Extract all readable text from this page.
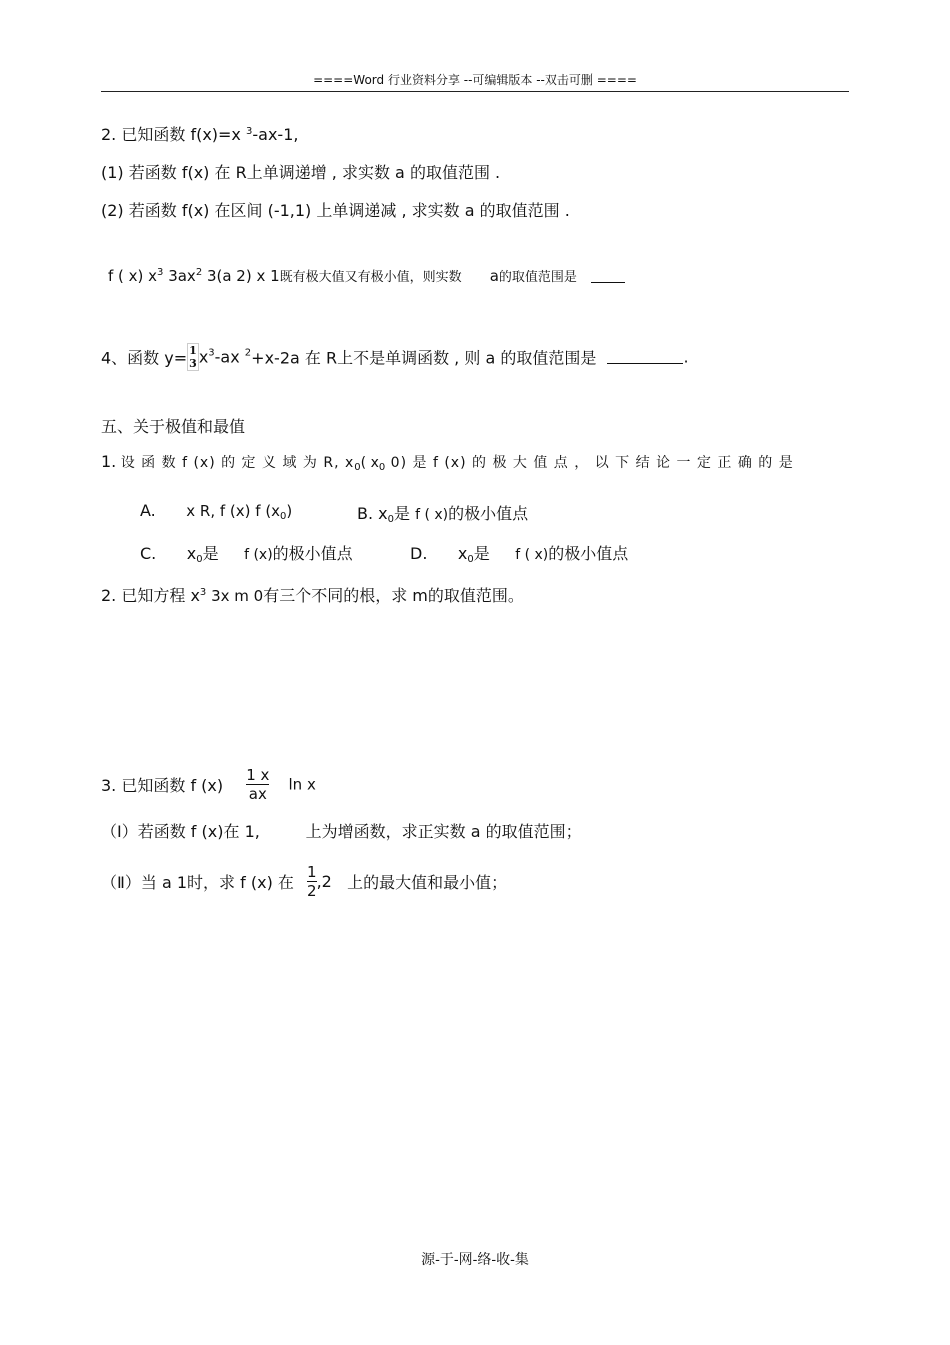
====Word 行业资料分享 --可编辑版本 --双击可删 ====
2. 已知函数 f(x)=x $^3$-ax-1,
(1) 若函数 f(x) 在 R上单调递增 , 求实数 a 的取值范围 .
(2) 若函数 f(x) 在区间 (-1,1) 上单调递减 , 求实数 a 的取值范围 .
f ( x) $x^3$ $3ax^2$ 3(a 2) x 1既有极大值又有极小值，则实数 a的取值范围是
4、函数 y= 1
3 $x^3-ax$ $^2$+x-2a 在 R上不是单调函数 , 则 a 的取值范围是	.
五、关于极值和最值
1. 设 函 数 f (x) 的 定 义 域 为 R, $x_0$( $x_0$ 0) 是 f (x) 的 极 大 值 点 ， 以 下 结 论 一 定 正 确 的 是
A. x R, f (x) f $(x_0)$	B. $x_0$是 f ( x)的极小值点
C. $x_0$是 f (x)的极小值点	D. $x_0$是 f ( x)的极小值点
2. 已知方程 $x^3$ 3x m 0有三个不同的根，求 m的取值范围。
3. 已知函数 f $(x) \frac{1 x}{ax}$ ln x
（Ⅰ）若函数 f (x)在 1,	上为增函数，求正实数 a 的取值范围；
（Ⅱ）当 a 1时，求 f (x) 在 $\frac{1}{2} ,2$ 上的最大值和最小值；
源-于-网-络-收-集
